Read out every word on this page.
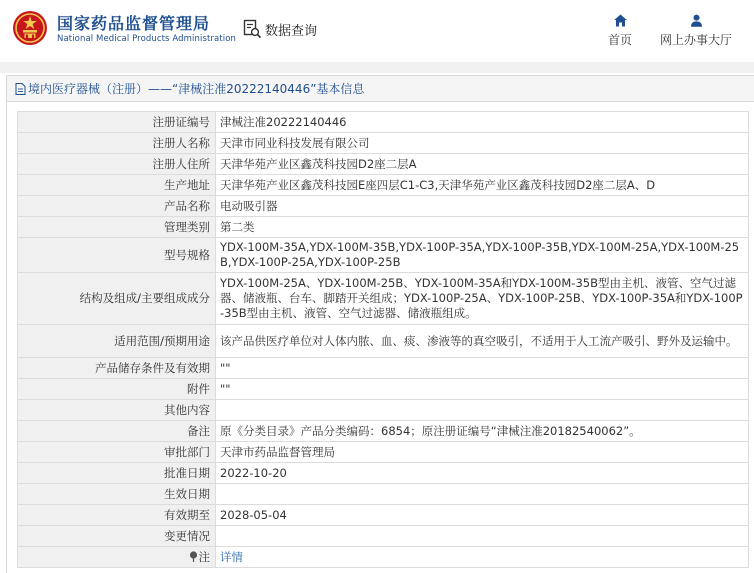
国家药品监督管理局
National Medical Products Administration
数据查询
首页 网上办事大厅
境内医疗器械（注册）——“津械注准20222140446”基本信息
注册证编号	津械注准20222140446
注册人名称	天津市同业科技发展有限公司
注册人住所	天津华苑产业区鑫茂科技园D2座二层A
生产地址	天津华苑产业区鑫茂科技园E座四层C1-C3,天津华苑产业区鑫茂科技园D2座二层A、D
产品名称	电动吸引器
管理类别	第二类
型号规格	YDX-100M-35A,YDX-100M-35B,YDX-100P-35A,YDX-100P-35B,YDX-100M-25A,YDX-100M-25B,YDX-100P-25A,YDX-100P-25B
结构及组成/主要组成成分	YDX-100M-25A、YDX-100M-25B、YDX-100M-35A和YDX-100M-35B型由主机、液管、空气过滤器、储液瓶、台车、脚踏开关组成；YDX-100P-25A、YDX-100P-25B、YDX-100P-35A和YDX-100P-35B型由主机、液管、空气过滤器、储液瓶组成。
适用范围/预期用途	该产品供医疗单位对人体内脓、血、痰、渗液等的真空吸引，不适用于人工流产吸引、野外及运输中。
产品储存条件及有效期	""
附件	""
其他内容	
备注	原《分类目录》产品分类编码：6854；原注册证编号“津械注准20182540062”。
审批部门	天津市药品监督管理局
批准日期	2022-10-20
生效日期	
有效期至	2028-05-04
变更情况	
注	详情
